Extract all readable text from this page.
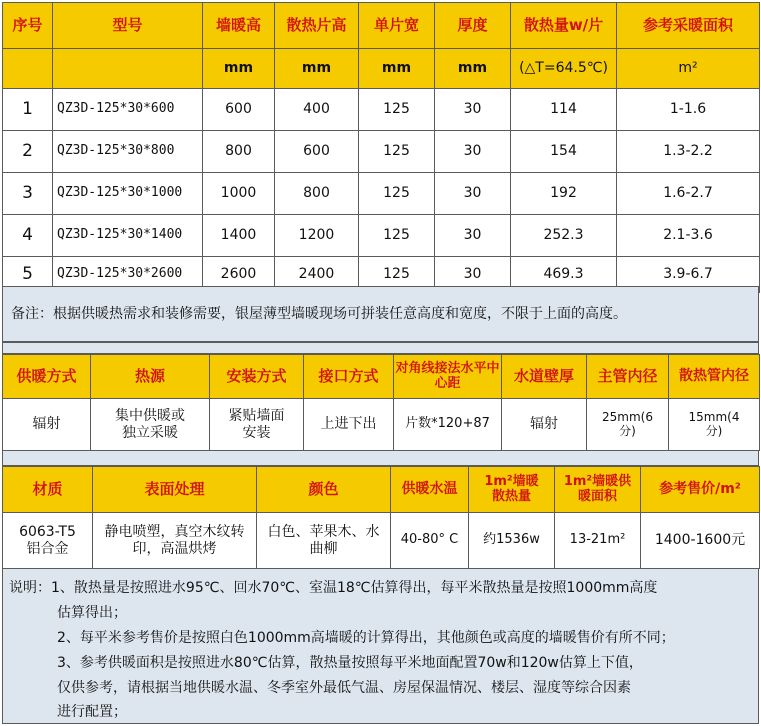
序号	型号	墙暖高	散热片高	单片宽	厚度	散热量w/片	参考采暖面积
		mm	mm	mm	mm	(△T=64.5℃)	m²
1	QZ3D-125*30*600	600	400	125	30	114	1-1.6
2	QZ3D-125*30*800	800	600	125	30	154	1.3-2.2
3	QZ3D-125*30*1000	1000	800	125	30	192	1.6-2.7
4	QZ3D-125*30*1400	1400	1200	125	30	252.3	2.1-3.6
5	QZ3D-125*30*2600	2600	2400	125	30	469.3	3.9-6.7
备注：根据供暖热需求和装修需要，银屋薄型墙暖现场可拼装任意高度和宽度，不限于上面的高度。
供暖方式	热源	安装方式	接口方式	对角线接法水平中心距	水道壁厚	主管内径	散热管内径
辐射	集中供暖或独立采暖	紧贴墙面安装	上进下出	片数*120+87	辐射	25mm(6分)	15mm(4分)
材质	表面处理	颜色	供暖水温	1m²墙暖散热量	1m²墙暖供暖面积	参考售价/m²
6063-T5铝合金	静电喷塑，真空木纹转印，高温烘烤	白色、苹果木、水曲柳	40-80° C	约1536w	13-21m²	1400-1600元
说明：1、散热量是按照进水95℃、回水70℃、室温18℃估算得出，每平米散热量是按照1000mm高度
估算得出；
2、每平米参考售价是按照白色1000mm高墙暖的计算得出，其他颜色或高度的墙暖售价有所不同；
3、参考供暖面积是按照进水80℃估算，散热量按照每平米地面配置70w和120w估算上下值，
仅供参考，请根据当地供暖水温、冬季室外最低气温、房屋保温情况、楼层、湿度等综合因素
进行配置；
